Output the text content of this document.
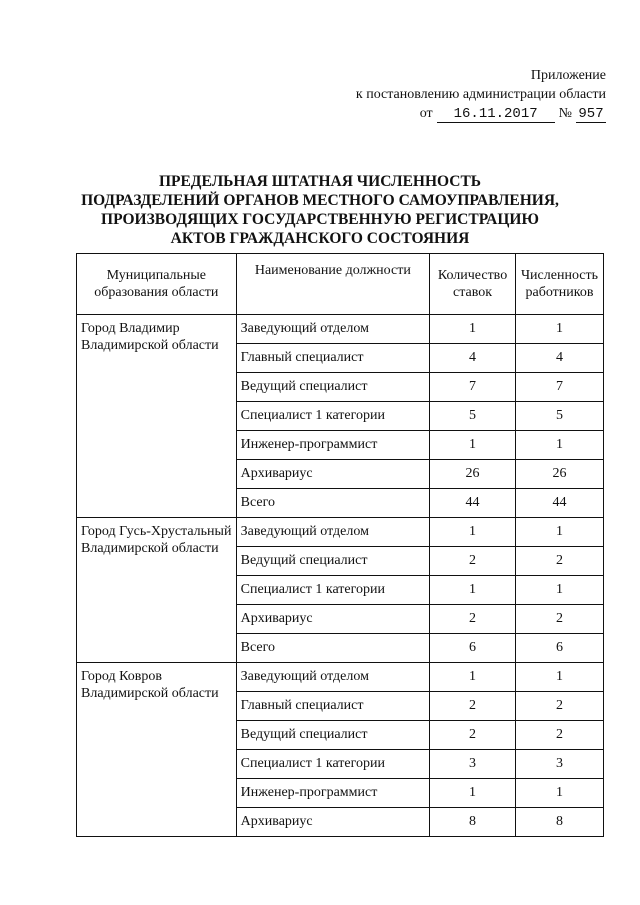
Приложение
к постановлению администрации области
от	16.11.2017	№ 957
ПРЕДЕЛЬНАЯ ШТАТНАЯ ЧИСЛЕННОСТЬ
ПОДРАЗДЕЛЕНИЙ ОРГАНОВ МЕСТНОГО САМОУПРАВЛЕНИЯ,
ПРОИЗВОДЯЩИХ ГОСУДАРСТВЕННУЮ РЕГИСТРАЦИЮ
АКТОВ ГРАЖДАНСКОГО СОСТОЯНИЯ
Муниципальные образования области	Наименование должности	Количество ставок	Численность работников
Город Владимир Владимирской области	Заведующий отделом	1	1
	Главный специалист	4	4
	Ведущий специалист	7	7
	Специалист 1 категории	5	5
	Инженер-программист	1	1
	Архивариус	26	26
	Всего	44	44
Город Гусь-Хрустальный Владимирской области	Заведующий отделом	1	1
	Ведущий специалист	2	2
	Специалист 1 категории	1	1
	Архивариус	2	2
	Всего	6	6
Город Ковров Владимирской области	Заведующий отделом	1	1
	Главный специалист	2	2
	Ведущий специалист	2	2
	Специалист 1 категории	3	3
	Инженер-программист	1	1
	Архивариус	8	8
